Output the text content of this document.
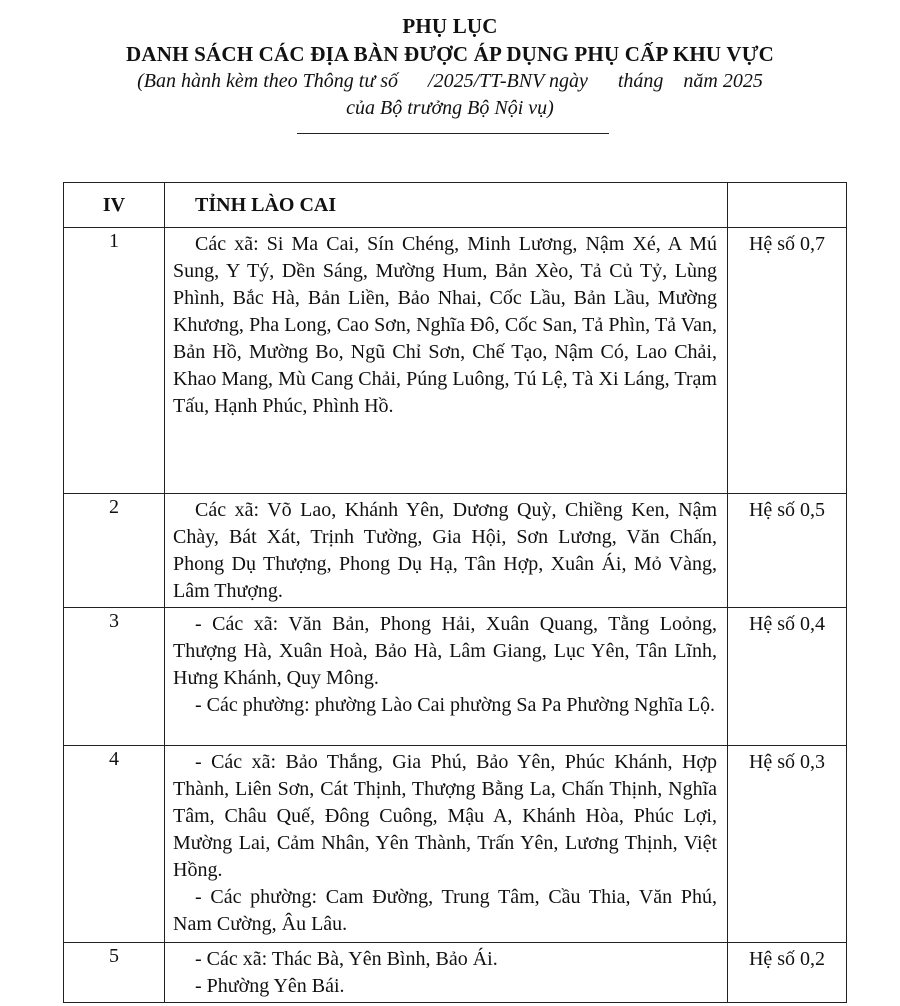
PHỤ LỤC
DANH SÁCH CÁC ĐỊA BÀN ĐƯỢC ÁP DỤNG PHỤ CẤP KHU VỰC
(Ban hành kèm theo Thông tư số      /2025/TT-BNV ngày      tháng    năm 2025
của Bộ trưởng Bộ Nội vụ)
IV	TỈNH LÀO CAI	
1	Các xã: Si Ma Cai, Sín Chéng, Minh Lương, Nậm Xé, A Mú Sung, Y Tý, Dền Sáng, Mường Hum, Bản Xèo, Tả Củ Tỷ, Lùng Phình, Bắc Hà, Bản Liền, Bảo Nhai, Cốc Lầu, Bản Lầu, Mường Khương, Pha Long, Cao Sơn, Nghĩa Đô, Cốc San, Tả Phìn, Tả Van, Bản Hồ, Mường Bo, Ngũ Chỉ Sơn, Chế Tạo, Nậm Có, Lao Chải, Khao Mang, Mù Cang Chải, Púng Luông, Tú Lệ, Tà Xi Láng, Trạm Tấu, Hạnh Phúc, Phình Hồ.	Hệ số 0,7
2	Các xã: Võ Lao, Khánh Yên, Dương Quỳ, Chiềng Ken, Nậm Chày, Bát Xát, Trịnh Tường, Gia Hội, Sơn Lương, Văn Chấn, Phong Dụ Thượng, Phong Dụ Hạ, Tân Hợp, Xuân Ái, Mỏ Vàng, Lâm Thượng.	Hệ số 0,5
3	- Các xã: Văn Bản, Phong Hải, Xuân Quang, Tằng Loỏng, Thượng Hà, Xuân Hoà, Bảo Hà, Lâm Giang, Lục Yên, Tân Lĩnh, Hưng Khánh, Quy Mông.
- Các phường: phường Lào Cai phường Sa Pa Phường Nghĩa Lộ.	Hệ số 0,4
4	- Các xã: Bảo Thắng, Gia Phú, Bảo Yên, Phúc Khánh, Hợp Thành, Liên Sơn, Cát Thịnh, Thượng Bằng La, Chấn Thịnh, Nghĩa Tâm, Châu Quế, Đông Cuông, Mậu A, Khánh Hòa, Phúc Lợi, Mường Lai, Cảm Nhân, Yên Thành, Trấn Yên, Lương Thịnh, Việt Hồng.
- Các phường: Cam Đường, Trung Tâm, Cầu Thia, Văn Phú, Nam Cường, Âu Lâu.	Hệ số 0,3
5	- Các xã: Thác Bà, Yên Bình, Bảo Ái.
- Phường Yên Bái.	Hệ số 0,2
